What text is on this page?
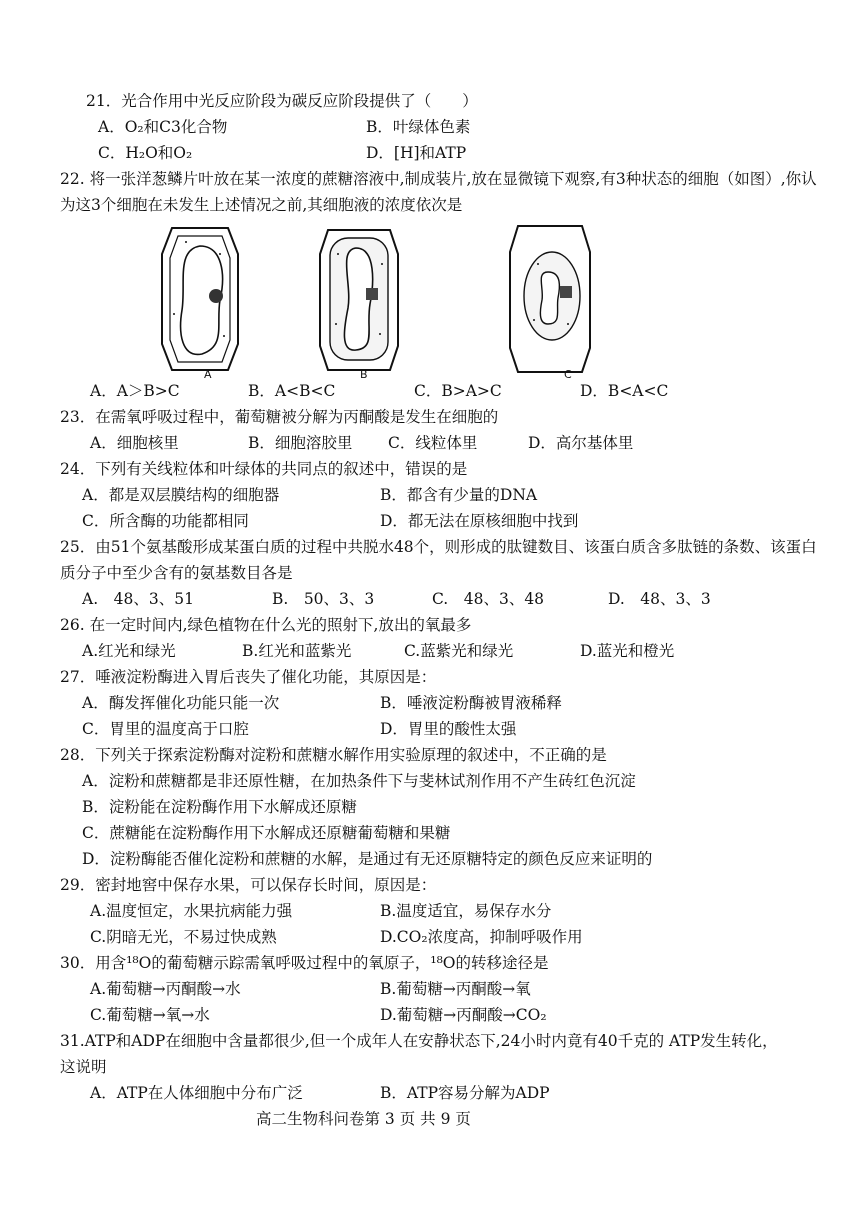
21．光合作用中光反应阶段为碳反应阶段提供了（　　）

A．O₂和C3化合物	B．叶绿体色素
C．H₂O和O₂	D．[H]和ATP

22. 将一张洋葱鳞片叶放在某一浓度的蔗糖溶液中,制成装片,放在显微镜下观察,有3种状态的细胞（如图）,你认为这3个细胞在未发生上述情况之前,其细胞液的浓度依次是

A	B	C
A．A＞B>C	B．A<B<C	C．B>A>C	D．B<A<C

23．在需氧呼吸过程中，葡萄糖被分解为丙酮酸是发生在细胞的

A．细胞核里	B．细胞溶胶里	C．线粒体里	D．高尔基体里

24．下列有关线粒体和叶绿体的共同点的叙述中，错误的是

A．都是双层膜结构的细胞器	B．都含有少量的DNA
C．所含酶的功能都相同	D．都无法在原核细胞中找到

25．由51个氨基酸形成某蛋白质的过程中共脱水48个，则形成的肽键数目、该蛋白质含多肽链的条数、该蛋白质分子中至少含有的氨基数目各是

A.　48、3、51	B.　50、3、3	C.　48、3、48	D.　48、3、3

26. 在一定时间内,绿色植物在什么光的照射下,放出的氧最多

A.红光和绿光	B.红光和蓝紫光	C.蓝紫光和绿光	D.蓝光和橙光

27．唾液淀粉酶进入胃后丧失了催化功能，其原因是：

A．酶发挥催化功能只能一次	B．唾液淀粉酶被胃液稀释
C．胃里的温度高于口腔	D．胃里的酸性太强

28．下列关于探索淀粉酶对淀粉和蔗糖水解作用实验原理的叙述中，不正确的是

A．淀粉和蔗糖都是非还原性糖，在加热条件下与斐林试剂作用不产生砖红色沉淀

B．淀粉能在淀粉酶作用下水解成还原糖

C．蔗糖能在淀粉酶作用下水解成还原糖葡萄糖和果糖

D．淀粉酶能否催化淀粉和蔗糖的水解，是通过有无还原糖特定的颜色反应来证明的

29．密封地窖中保存水果，可以保存长时间，原因是：

A.温度恒定，水果抗病能力强	B.温度适宜，易保存水分
C.阴暗无光，不易过快成熟	D.CO₂浓度高，抑制呼吸作用

30．用含¹⁸O的葡萄糖示踪需氧呼吸过程中的氧原子，¹⁸O的转移途径是

A.葡萄糖→丙酮酸→水	B.葡萄糖→丙酮酸→氧
C.葡萄糖→氧→水	D.葡萄糖→丙酮酸→CO₂

31.ATP和ADP在细胞中含量都很少,但一个成年人在安静状态下,24小时内竟有40千克的 ATP发生转化，这说明

A．ATP在人体细胞中分布广泛	B．ATP容易分解为ADP
高二生物科问卷第 3 页 共 9 页
